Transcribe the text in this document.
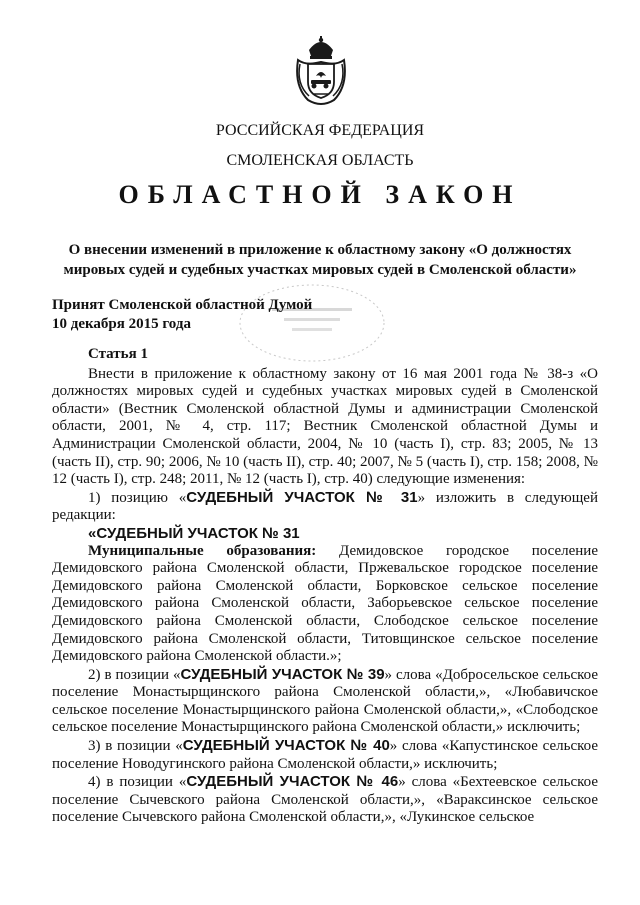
РОССИЙСКАЯ ФЕДЕРАЦИЯ
СМОЛЕНСКАЯ ОБЛАСТЬ
ОБЛАСТНОЙ ЗАКОН
О внесении изменений в приложение к областному закону «О должностях
мировых судей и судебных участках мировых судей в Смоленской области»
Принят Смоленской областной Думой
10 декабря 2015 года

Статья 1

Внести в приложение к областному закону от 16 мая 2001 года № 38-з «О должностях мировых судей и судебных участках мировых судей в Смоленской области» (Вестник Смоленской областной Думы и администрации Смоленской области, 2001, № 4, стр. 117; Вестник Смоленской областной Думы и Администрации Смоленской области, 2004, № 10 (часть I), стр. 83; 2005, № 13 (часть II), стр. 90; 2006, № 10 (часть II), стр. 40; 2007, № 5 (часть I), стр. 158; 2008, № 12 (часть I), стр. 248; 2011, № 12 (часть I), стр. 40) следующие изменения:

1) позицию «СУДЕБНЫЙ УЧАСТОК № 31» изложить в следующей редакции:

«СУДЕБНЫЙ УЧАСТОК № 31

Муниципальные образования: Демидовское городское поселение Демидовского района Смоленской области, Пржевальское городское поселение Демидовского района Смоленской области, Борковское сельское поселение Демидовского района Смоленской области, Заборьевское сельское поселение Демидовского района Смоленской области, Слободское сельское поселение Демидовского района Смоленской области, Титовщинское сельское поселение Демидовского района Смоленской области.»;

2) в позиции «СУДЕБНЫЙ УЧАСТОК № 39» слова «Добросельское сельское поселение Монастырщинского района Смоленской области,», «Любавичское сельское поселение Монастырщинского района Смоленской области,», «Слободское сельское поселение Монастырщинского района Смоленской области,» исключить;

3) в позиции «СУДЕБНЫЙ УЧАСТОК № 40» слова «Капустинское сельское поселение Новодугинского района Смоленской области,» исключить;

4) в позиции «СУДЕБНЫЙ УЧАСТОК № 46» слова «Бехтеевское сельское поселение Сычевского района Смоленской области,», «Вараксинское сельское поселение Сычевского района Смоленской области,», «Лукинское сельское
